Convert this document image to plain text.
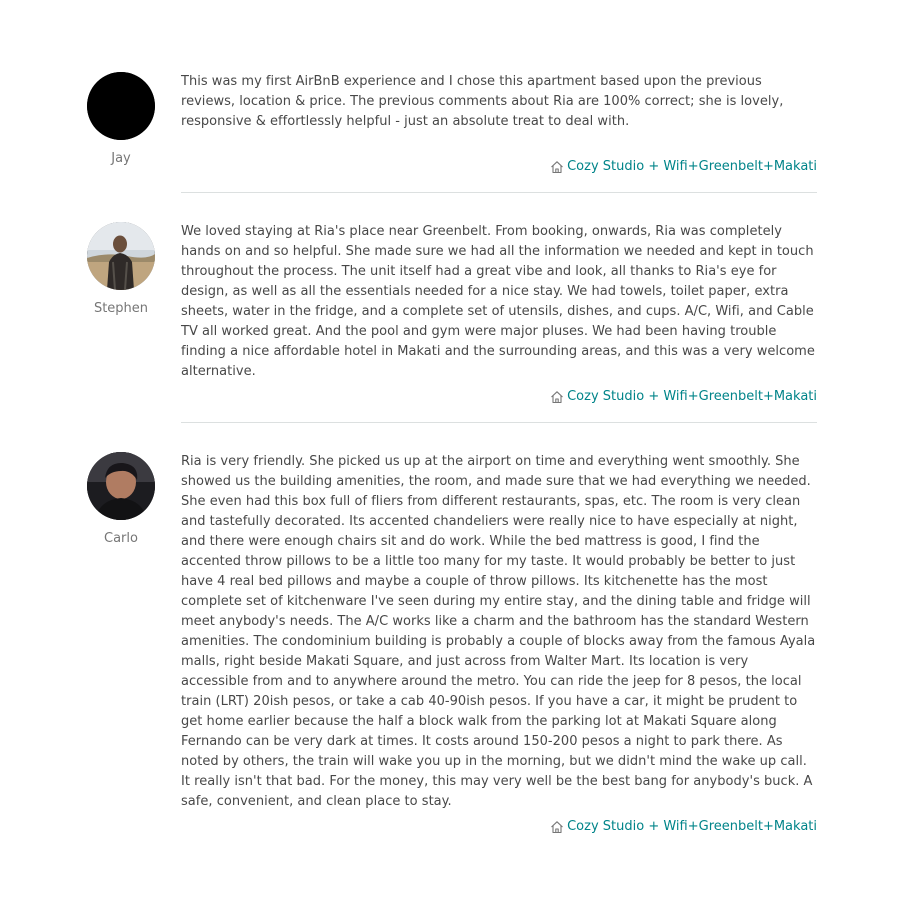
Jay

This was my first AirBnB experience and I chose this apartment based upon the previous reviews, location & price. The previous comments about Ria are 100% correct; she is lovely, responsive & effortlessly helpful - just an absolute treat to deal with.

Cozy Studio + Wifi+Greenbelt+Makati
Stephen

We loved staying at Ria's place near Greenbelt. From booking, onwards, Ria was completely hands on and so helpful. She made sure we had all the information we needed and kept in touch throughout the process. The unit itself had a great vibe and look, all thanks to Ria's eye for design, as well as all the essentials needed for a nice stay. We had towels, toilet paper, extra sheets, water in the fridge, and a complete set of utensils, dishes, and cups. A/C, Wifi, and Cable TV all worked great. And the pool and gym were major pluses. We had been having trouble finding a nice affordable hotel in Makati and the surrounding areas, and this was a very welcome alternative.

Cozy Studio + Wifi+Greenbelt+Makati
Carlo

Ria is very friendly. She picked us up at the airport on time and everything went smoothly. She showed us the building amenities, the room, and made sure that we had everything we needed. She even had this box full of fliers from different restaurants, spas, etc. The room is very clean and tastefully decorated. Its accented chandeliers were really nice to have especially at night, and there were enough chairs sit and do work. While the bed mattress is good, I find the accented throw pillows to be a little too many for my taste. It would probably be better to just have 4 real bed pillows and maybe a couple of throw pillows. Its kitchenette has the most complete set of kitchenware I've seen during my entire stay, and the dining table and fridge will meet anybody's needs. The A/C works like a charm and the bathroom has the standard Western amenities. The condominium building is probably a couple of blocks away from the famous Ayala malls, right beside Makati Square, and just across from Walter Mart. Its location is very accessible from and to anywhere around the metro. You can ride the jeep for 8 pesos, the local train (LRT) 20ish pesos, or take a cab 40-90ish pesos. If you have a car, it might be prudent to get home earlier because the half a block walk from the parking lot at Makati Square along Fernando can be very dark at times. It costs around 150-200 pesos a night to park there. As noted by others, the train will wake you up in the morning, but we didn't mind the wake up call. It really isn't that bad. For the money, this may very well be the best bang for anybody's buck. A safe, convenient, and clean place to stay.

Cozy Studio + Wifi+Greenbelt+Makati
